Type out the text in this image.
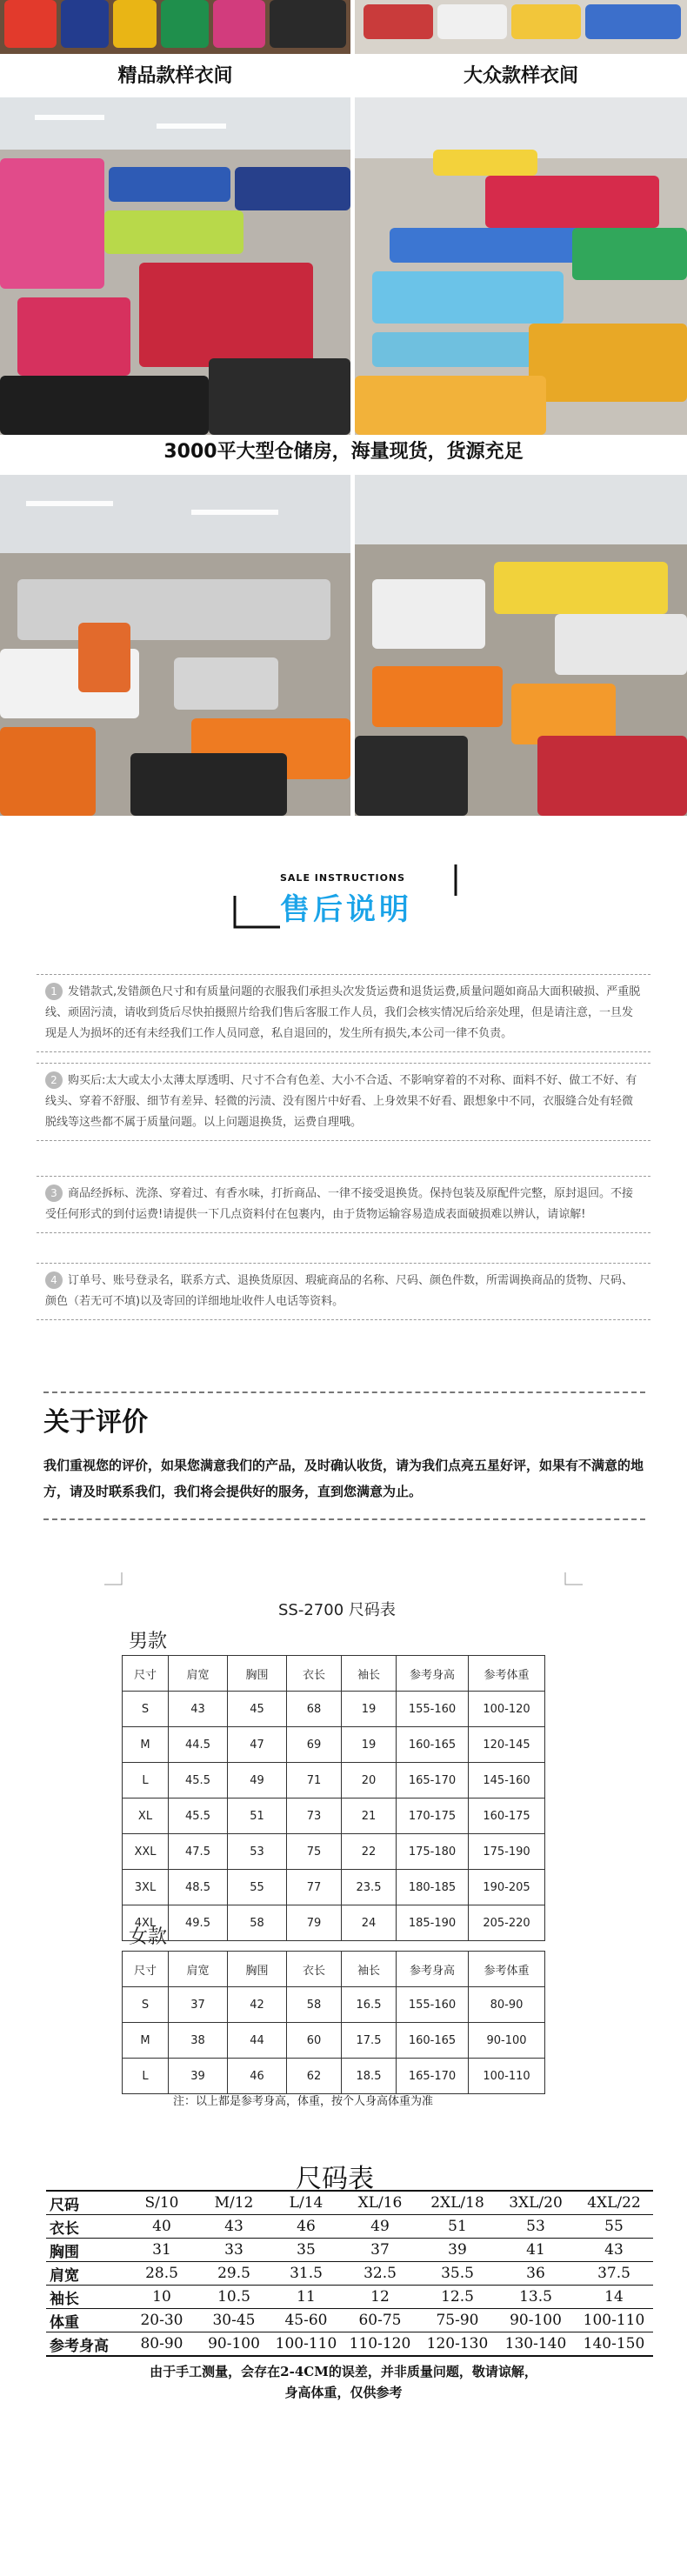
精品款样衣间	大众款样衣间
3000平大型仓储房，海量现货，货源充足
SALE INSTRUCTIONS
售后说明

1 发错款式,发错颜色尺寸和有质量问题的衣服我们承担头次发货运费和退货运费,质量问题如商品大面积破损、严重脱线、顽固污渍，请收到货后尽快拍摄照片给我们售后客服工作人员，我们会核实情况后给亲处理，但是请注意，一旦发现是人为损坏的还有未经我们工作人员同意，私自退回的，发生所有损失,本公司一律不负责。

2 购买后:太大或太小太薄太厚透明、尺寸不合有色差、大小不合适、不影响穿着的不对称、面料不好、做工不好、有线头、穿着不舒服、细节有差异、轻微的污渍、没有图片中好看、上身效果不好看、跟想象中不同，衣服缝合处有轻微脱线等这些都不属于质量问题。以上问题退换货，运费自理哦。

3 商品经拆标、洗涤、穿着过、有香水味，打折商品、一律不接受退换货。保持包装及原配件完整，原封退回。不接受任何形式的到付运费!请提供一下几点资料付在包裹内，由于货物运输容易造成表面破损难以辨认，请谅解!

4 订单号、账号登录名，联系方式、退换货原因、瑕疵商品的名称、尺码、颜色件数，所需调换商品的货物、尺码、颜色（若无可不填)以及寄回的详细地址收件人电话等资料。

关于评价
我们重视您的评价，如果您满意我们的产品，及时确认收货，请为我们点亮五星好评，如果有不满意的地方，请及时联系我们，我们将会提供好的服务，直到您满意为止。
SS-2700 尺码表
男款
尺寸	肩宽	胸围	衣长	袖长	参考身高	参考体重
S	43	45	68	19	155-160	100-120
M	44.5	47	69	19	160-165	120-145
L	45.5	49	71	20	165-170	145-160
XL	45.5	51	73	21	170-175	160-175
XXL	47.5	53	75	22	175-180	175-190
3XL	48.5	55	77	23.5	180-185	190-205
4XL	49.5	58	79	24	185-190	205-220
女款
尺寸	肩宽	胸围	衣长	袖长	参考身高	参考体重
S	37	42	58	16.5	155-160	80-90
M	38	44	60	17.5	160-165	90-100
L	39	46	62	18.5	165-170	100-110
注：以上都是参考身高，体重，按个人身高体重为准
尺码表
尺码	S/10	M/12	L/14	XL/16	2XL/18	3XL/20	4XL/22
衣长	40	43	46	49	51	53	55
胸围	31	33	35	37	39	41	43
肩宽	28.5	29.5	31.5	32.5	35.5	36	37.5
袖长	10	10.5	11	12	12.5	13.5	14
体重	20-30	30-45	45-60	60-75	75-90	90-100	100-110
参考身高	80-90	90-100	100-110	110-120	120-130	130-140	140-150
由于手工测量，会存在2-4CM的误差，并非质量问题，敬请谅解，
身高体重，仅供参考
